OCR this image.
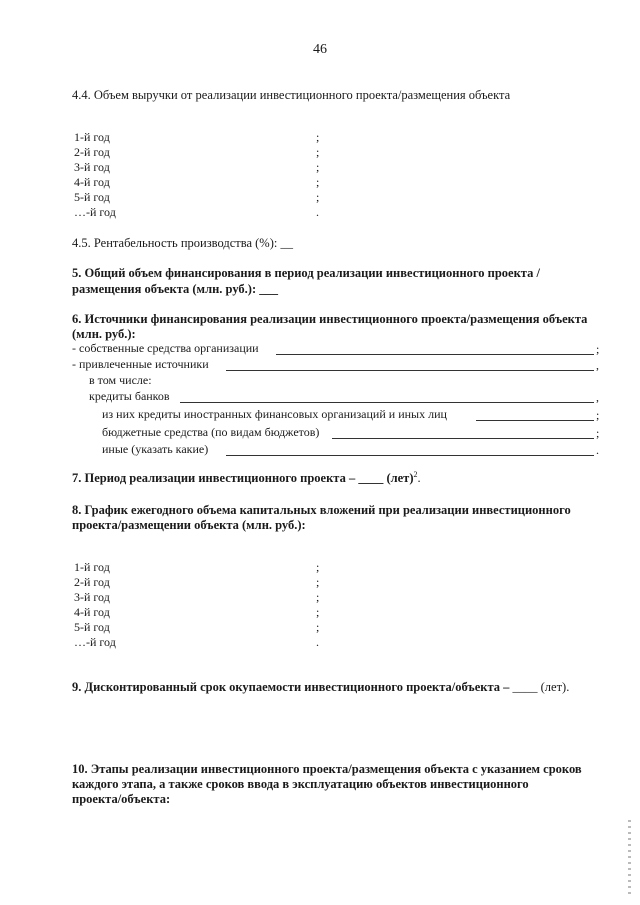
46
4.4. Объем выручки от реализации инвестиционного проекта/размещения объекта
1-й год	;
2-й год	;
3-й год	;
4-й год	;
5-й год	;
…-й год	.
4.5. Рентабельность производства (%): __
5. Общий объем финансирования в период реализации инвестиционного проекта /
размещения объекта (млн. руб.): ___
6. Источники финансирования реализации инвестиционного проекта/размещения объекта
(млн. руб.):
- собственные средства организации	;
- привлеченные источники	,
в том числе:
кредиты банков	,
из них кредиты иностранных финансовых организаций и иных лиц	;
бюджетные средства (по видам бюджетов)	;
иные (указать какие)	.
7. Период реализации инвестиционного проекта – ____ (лет)$^2$.
8. График ежегодного объема капитальных вложений при реализации инвестиционного
проекта/размещении объекта (млн. руб.):
1-й год	;
2-й год	;
3-й год	;
4-й год	;
5-й год	;
…-й год	.
9. Дисконтированный срок окупаемости инвестиционного проекта/объекта – ____ (лет).
10. Этапы реализации инвестиционного проекта/размещения объекта с указанием сроков
каждого этапа, а также сроков ввода в эксплуатацию объектов инвестиционного
проекта/объекта:
